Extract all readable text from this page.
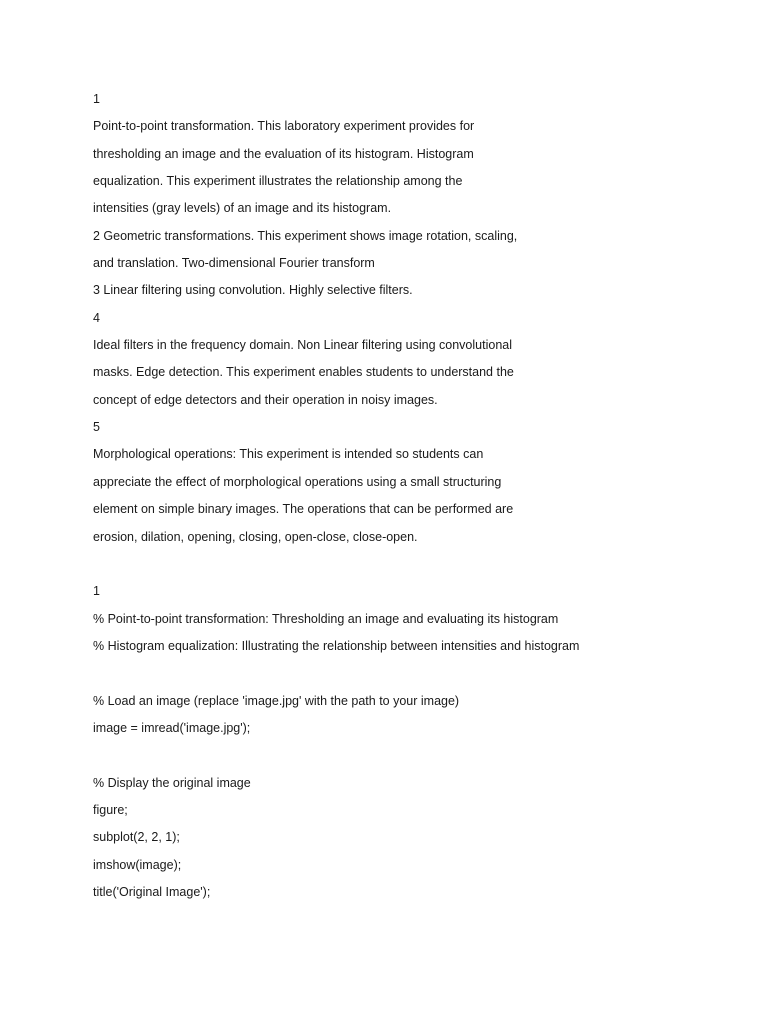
1

Point-to-point transformation. This laboratory experiment provides for

thresholding an image and the evaluation of its histogram. Histogram

equalization. This experiment illustrates the relationship among the

intensities (gray levels) of an image and its histogram.

2 Geometric transformations. This experiment shows image rotation, scaling,

and translation. Two-dimensional Fourier transform

3 Linear filtering using convolution. Highly selective filters.

4

Ideal filters in the frequency domain. Non Linear filtering using convolutional

masks. Edge detection. This experiment enables students to understand the

concept of edge detectors and their operation in noisy images.

5

Morphological operations: This experiment is intended so students can

appreciate the effect of morphological operations using a small structuring

element on simple binary images. The operations that can be performed are

erosion, dilation, opening, closing, open-close, close-open.

1

% Point-to-point transformation: Thresholding an image and evaluating its histogram

% Histogram equalization: Illustrating the relationship between intensities and histogram

% Load an image (replace 'image.jpg' with the path to your image)

image = imread('image.jpg');

% Display the original image

figure;

subplot(2, 2, 1);

imshow(image);

title('Original Image');
